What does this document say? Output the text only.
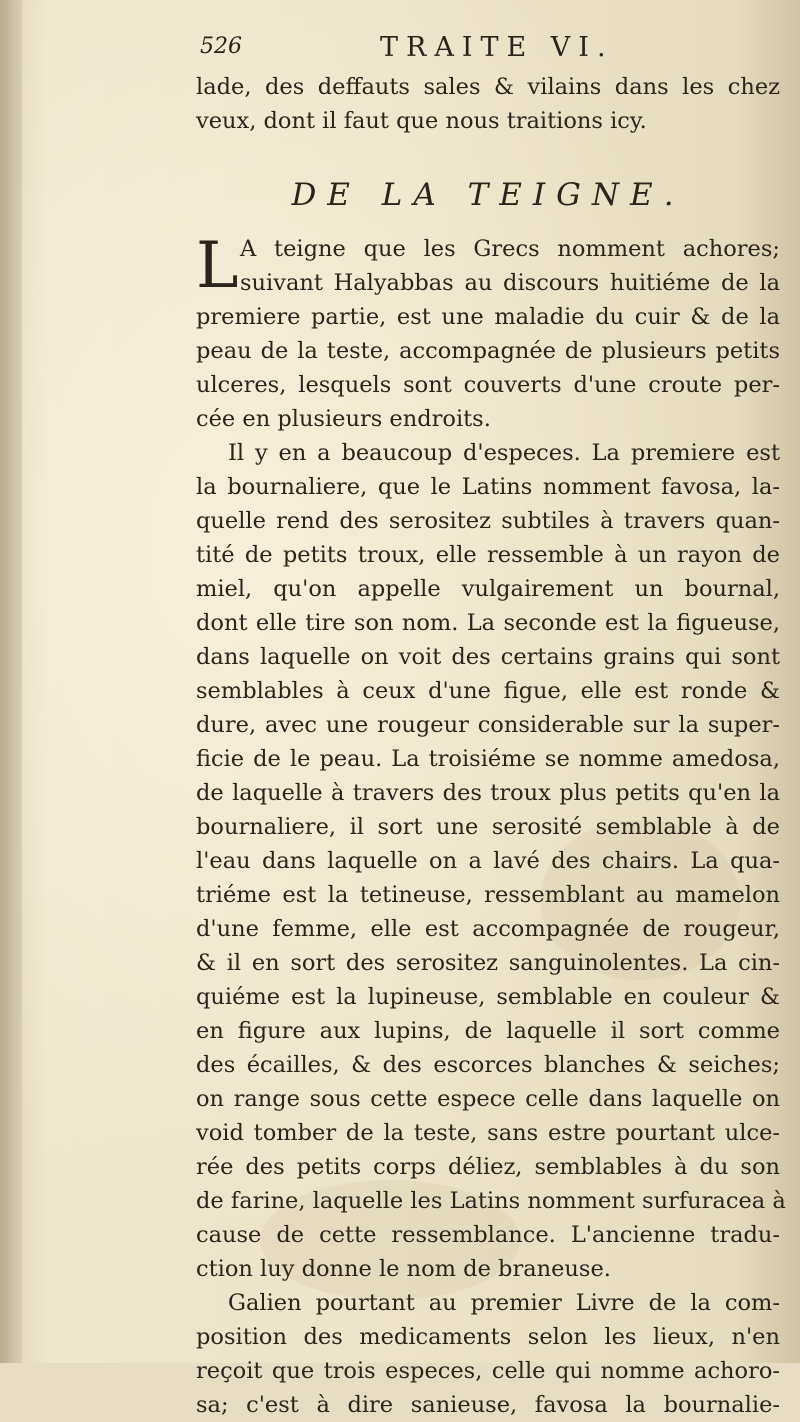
526	TRAITE VI.
lade, des deffauts sales & vilains dans les chez
veux, dont il faut que nous traitions icy.
DE LA TEIGNE.
L A teigne que les Grecs nomment achores;
suivant Halyabbas au discours huitiéme de la
premiere partie, est une maladie du cuir & de la
peau de la teste, accompagnée de plusieurs petits
ulceres, lesquels sont couverts d'une croute per-
cée en plusieurs endroits.
Il y en a beaucoup d'especes. La premiere est
la bournaliere, que le Latins nomment favosa, la-
quelle rend des serositez subtiles à travers quan-
tité de petits troux, elle ressemble à un rayon de
miel, qu'on appelle vulgairement un bournal,
dont elle tire son nom. La seconde est la figueuse,
dans laquelle on voit des certains grains qui sont
semblables à ceux d'une figue, elle est ronde &
dure, avec une rougeur considerable sur la super-
ficie de le peau. La troisiéme se nomme amedosa,
de laquelle à travers des troux plus petits qu'en la
bournaliere, il sort une serosité semblable à de
l'eau dans laquelle on a lavé des chairs. La qua-
triéme est la tetineuse, ressemblant au mamelon
d'une femme, elle est accompagnée de rougeur,
& il en sort des serositez sanguinolentes. La cin-
quiéme est la lupineuse, semblable en couleur &
en figure aux lupins, de laquelle il sort comme
des écailles, & des escorces blanches & seiches;
on range sous cette espece celle dans laquelle on
void tomber de la teste, sans estre pourtant ulce-
rée des petits corps déliez, semblables à du son
de farine, laquelle les Latins nomment surfuracea à
cause de cette ressemblance. L'ancienne tradu-
ction luy donne le nom de braneuse.
Galien pourtant au premier Livre de la com-
position des medicaments selon les lieux, n'en
reçoit que trois especes, celle qui nomme achoro-
sa; c'est à dire sanieuse, favosa la bournalie-
